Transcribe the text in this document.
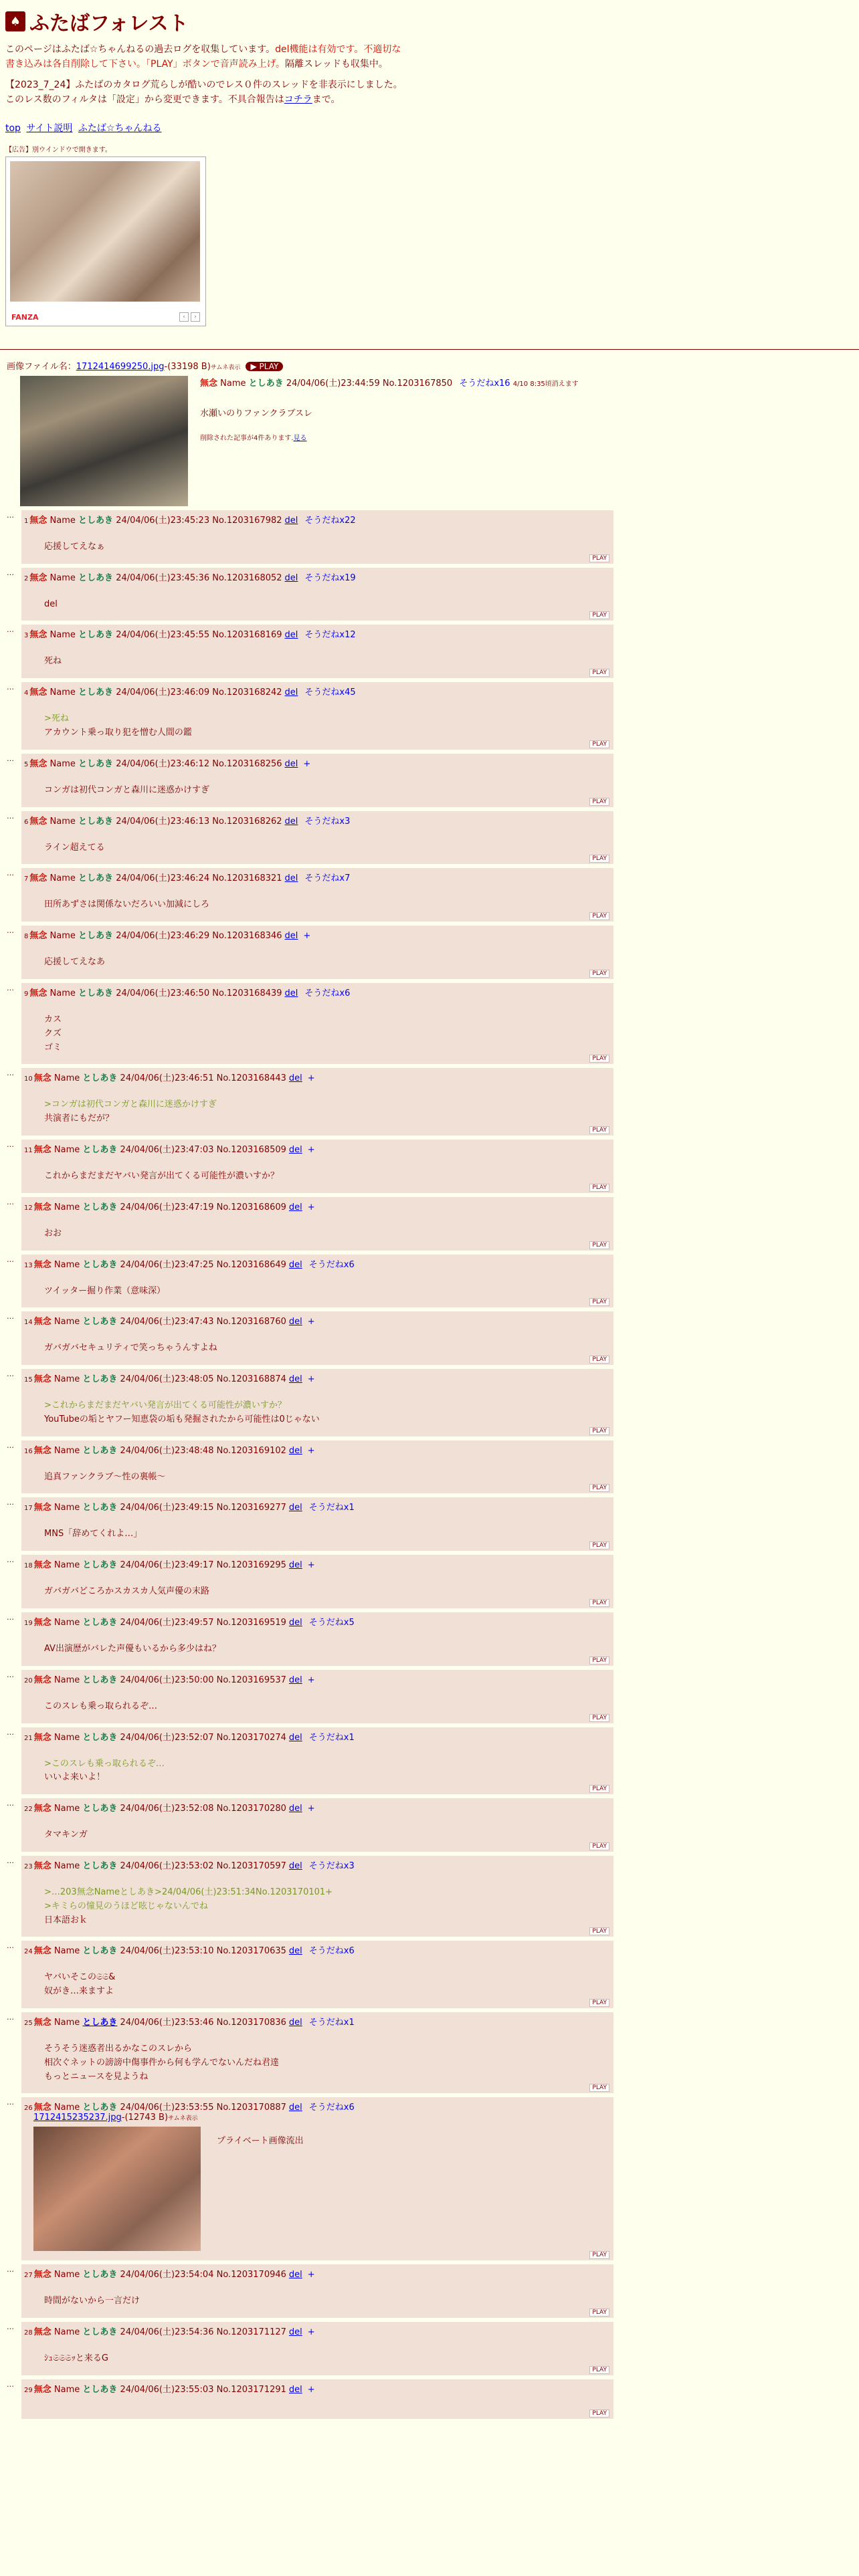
♠ ふたばフォレスト

このページはふたば☆ちゃんねるの過去ログを収集しています。del機能は有効です。不適切な書き込みは各自削除して下さい。「PLAY」ボタンで音声読み上げ。隔離スレッドも収集中。

【2023_7_24】ふたばのカタログ荒らしが酷いのでレス０件のスレッドを非表示にしました。このレス数のフィルタは「設定」から変更できます。不具合報告はコチラまで。

top サイト説明 ふたば☆ちゃんねる
【広告】別ウインドウで開きます。
FANZA	‹	›
画像ファイル名：1712414699250.jpg-(33198 B)サムネ表示 ▶ PLAY
無念 Name としあき 24/04/06(土)23:44:59 No.1203167850 そうだねx16 4/10 8:35頃消えます
水瀬いのりファンクラブスレ
削除された記事が4件あります.見る
…
1 無念 Name としあき 24/04/06(土)23:45:23 No.1203167982 del そうだねx22
応援してえなぁ
PLAY
…
2 無念 Name としあき 24/04/06(土)23:45:36 No.1203168052 del そうだねx19
del
PLAY
…
3 無念 Name としあき 24/04/06(土)23:45:55 No.1203168169 del そうだねx12
死ね
PLAY
…
4 無念 Name としあき 24/04/06(土)23:46:09 No.1203168242 del そうだねx45
>死ね
アカウント乗っ取り犯を憎む人間の鑑
PLAY
…
5 無念 Name としあき 24/04/06(土)23:46:12 No.1203168256 del +
コンガは初代コンガと森川に迷惑かけすぎ
PLAY
…
6 無念 Name としあき 24/04/06(土)23:46:13 No.1203168262 del そうだねx3
ライン超えてる
PLAY
…
7 無念 Name としあき 24/04/06(土)23:46:24 No.1203168321 del そうだねx7
田所あずさは関係ないだろいい加減にしろ
PLAY
…
8 無念 Name としあき 24/04/06(土)23:46:29 No.1203168346 del +
応援してえなあ
PLAY
…
9 無念 Name としあき 24/04/06(土)23:46:50 No.1203168439 del そうだねx6
カス
クズ
ゴミ
PLAY
…
10 無念 Name としあき 24/04/06(土)23:46:51 No.1203168443 del +
>コンガは初代コンガと森川に迷惑かけすぎ
共演者にもだが？
PLAY
…
11 無念 Name としあき 24/04/06(土)23:47:03 No.1203168509 del +
これからまだまだヤバい発言が出てくる可能性が濃いすか？
PLAY
…
12 無念 Name としあき 24/04/06(土)23:47:19 No.1203168609 del +
おお
PLAY
…
13 無念 Name としあき 24/04/06(土)23:47:25 No.1203168649 del そうだねx6
ツイッター掘り作業（意味深）
PLAY
…
14 無念 Name としあき 24/04/06(土)23:47:43 No.1203168760 del +
ガバガバセキュリティで笑っちゃうんすよね
PLAY
…
15 無念 Name としあき 24/04/06(土)23:48:05 No.1203168874 del +
>これからまだまだヤバい発言が出てくる可能性が濃いすか？
YouTubeの垢とヤフー知恵袋の垢も発掘されたから可能性は0じゃない
PLAY
…
16 無念 Name としあき 24/04/06(土)23:48:48 No.1203169102 del +
追真ファンクラブ〜性の裏帳〜
PLAY
…
17 無念 Name としあき 24/04/06(土)23:49:15 No.1203169277 del そうだねx1
MNS「辞めてくれよ…」
PLAY
…
18 無念 Name としあき 24/04/06(土)23:49:17 No.1203169295 del +
ガバガバどころかスカスカ人気声優の末路
PLAY
…
19 無念 Name としあき 24/04/06(土)23:49:57 No.1203169519 del そうだねx5
AV出演歴がバレた声優もいるから多少はね？
PLAY
…
20 無念 Name としあき 24/04/06(土)23:50:00 No.1203169537 del +
このスレも乗っ取られるぞ…
PLAY
…
21 無念 Name としあき 24/04/06(土)23:52:07 No.1203170274 del そうだねx1
>このスレも乗っ取られるぞ…
いいよ来いよ！
PLAY
…
22 無念 Name としあき 24/04/06(土)23:52:08 No.1203170280 del +
タマキンガ
PLAY
…
23 無念 Name としあき 24/04/06(土)23:53:02 No.1203170597 del そうだねx3
>…203無念Nameとしあき>24/04/06(土)23:51:34No.1203170101+
>キミらの憧見のうほど呟じゃないんでね
日本語おｋ
PLAY
…
24 無念 Name としあき 24/04/06(土)23:53:10 No.1203170635 del そうだねx6
ヤバいそこの𝔖𝔖&
奴がき…来ますよ
PLAY
…
25 無念 Name としあき 24/04/06(土)23:53:46 No.1203170836 del そうだねx1
そうそう迷惑者出るかなこのスレから
相次ぐネットの謗謗中傷事件から何も学んでないんだね君達
もっとニュースを見ようね
PLAY
…
26 無念 Name としあき 24/04/06(土)23:53:55 No.1203170887 del そうだねx6
1712415235237.jpg-(12743 B)サムネ表示
プライベート画像流出
PLAY
…
27 無念 Name としあき 24/04/06(土)23:54:04 No.1203170946 del +
時間がないから一言だけ
PLAY
…
28 無念 Name としあき 24/04/06(土)23:54:36 No.1203171127 del +
ｼｭ𝔖𝔖𝔖ｯと来るG
PLAY
…
29 無念 Name としあき 24/04/06(土)23:55:03 No.1203171291 del +
PLAY
